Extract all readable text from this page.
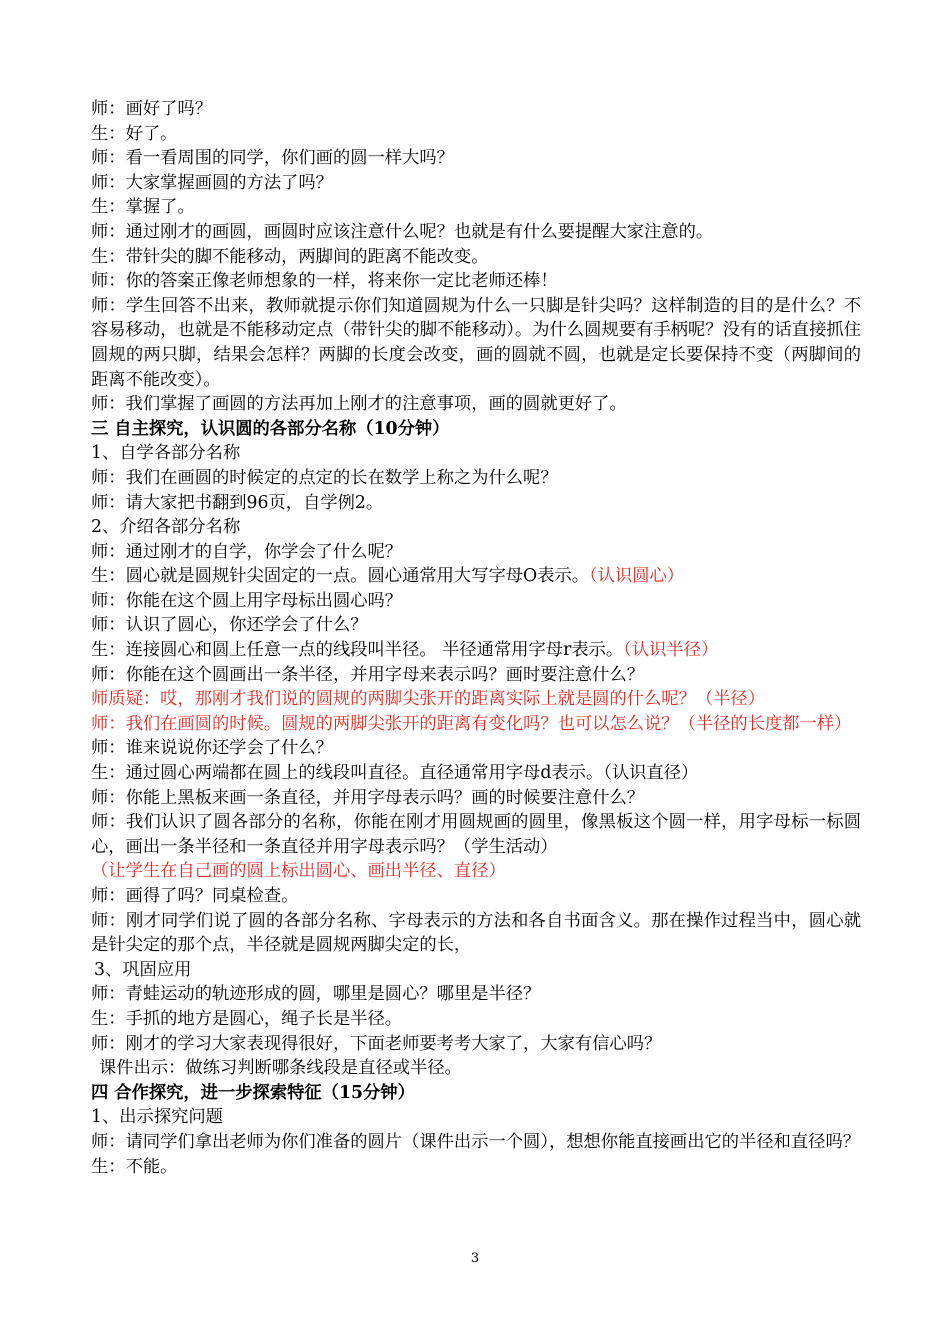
师：画好了吗？

生：好了。

师：看一看周围的同学，你们画的圆一样大吗？

师：大家掌握画圆的方法了吗？

生：掌握了。

师：通过刚才的画圆，画圆时应该注意什么呢？也就是有什么要提醒大家注意的。

生：带针尖的脚不能移动，两脚间的距离不能改变。

师：你的答案正像老师想象的一样，将来你一定比老师还棒！

师：学生回答不出来，教师就提示你们知道圆规为什么一只脚是针尖吗？这样制造的目的是什么？不容易移动，也就是不能移动定点（带针尖的脚不能移动）。为什么圆规要有手柄呢？没有的话直接抓住圆规的两只脚，结果会怎样？两脚的长度会改变，画的圆就不圆，也就是定长要保持不变（两脚间的距离不能改变）。

师：我们掌握了画圆的方法再加上刚才的注意事项，画的圆就更好了。

三 自主探究，认识圆的各部分名称（10分钟）

1、自学各部分名称

师：我们在画圆的时候定的点定的长在数学上称之为什么呢？

师：请大家把书翻到96页，自学例2。

2、介绍各部分名称

师：通过刚才的自学，你学会了什么呢？

生：圆心就是圆规针尖固定的一点。圆心通常用大写字母O表示。（认识圆心）

师：你能在这个圆上用字母标出圆心吗？

师：认识了圆心，你还学会了什么？

生：连接圆心和圆上任意一点的线段叫半径。 半径通常用字母r表示。（认识半径）

师：你能在这个圆画出一条半径，并用字母来表示吗？画时要注意什么？

师质疑：哎，那刚才我们说的圆规的两脚尖张开的距离实际上就是圆的什么呢？（半径）

师：我们在画圆的时候。圆规的两脚尖张开的距离有变化吗？也可以怎么说？（半径的长度都一样）

师：谁来说说你还学会了什么？

生：通过圆心两端都在圆上的线段叫直径。直径通常用字母d表示。（认识直径）

师：你能上黑板来画一条直径，并用字母表示吗？画的时候要注意什么？

师：我们认识了圆各部分的名称，你能在刚才用圆规画的圆里，像黑板这个圆一样，用字母标一标圆心，画出一条半径和一条直径并用字母表示吗？（学生活动）

（让学生在自己画的圆上标出圆心、画出半径、直径）

师：画得了吗？同桌检查。

师：刚才同学们说了圆的各部分名称、字母表示的方法和各自书面含义。那在操作过程当中，圆心就是针尖定的那个点，半径就是圆规两脚尖定的长，

3、巩固应用

师：青蛙运动的轨迹形成的圆，哪里是圆心？哪里是半径？

生：手抓的地方是圆心，绳子长是半径。

师：刚才的学习大家表现得很好，下面老师要考考大家了，大家有信心吗？

课件出示：做练习判断哪条线段是直径或半径。

四 合作探究，进一步探索特征（15分钟）

1、出示探究问题

师：请同学们拿出老师为你们准备的圆片（课件出示一个圆），想想你能直接画出它的半径和直径吗？

生：不能。

3
